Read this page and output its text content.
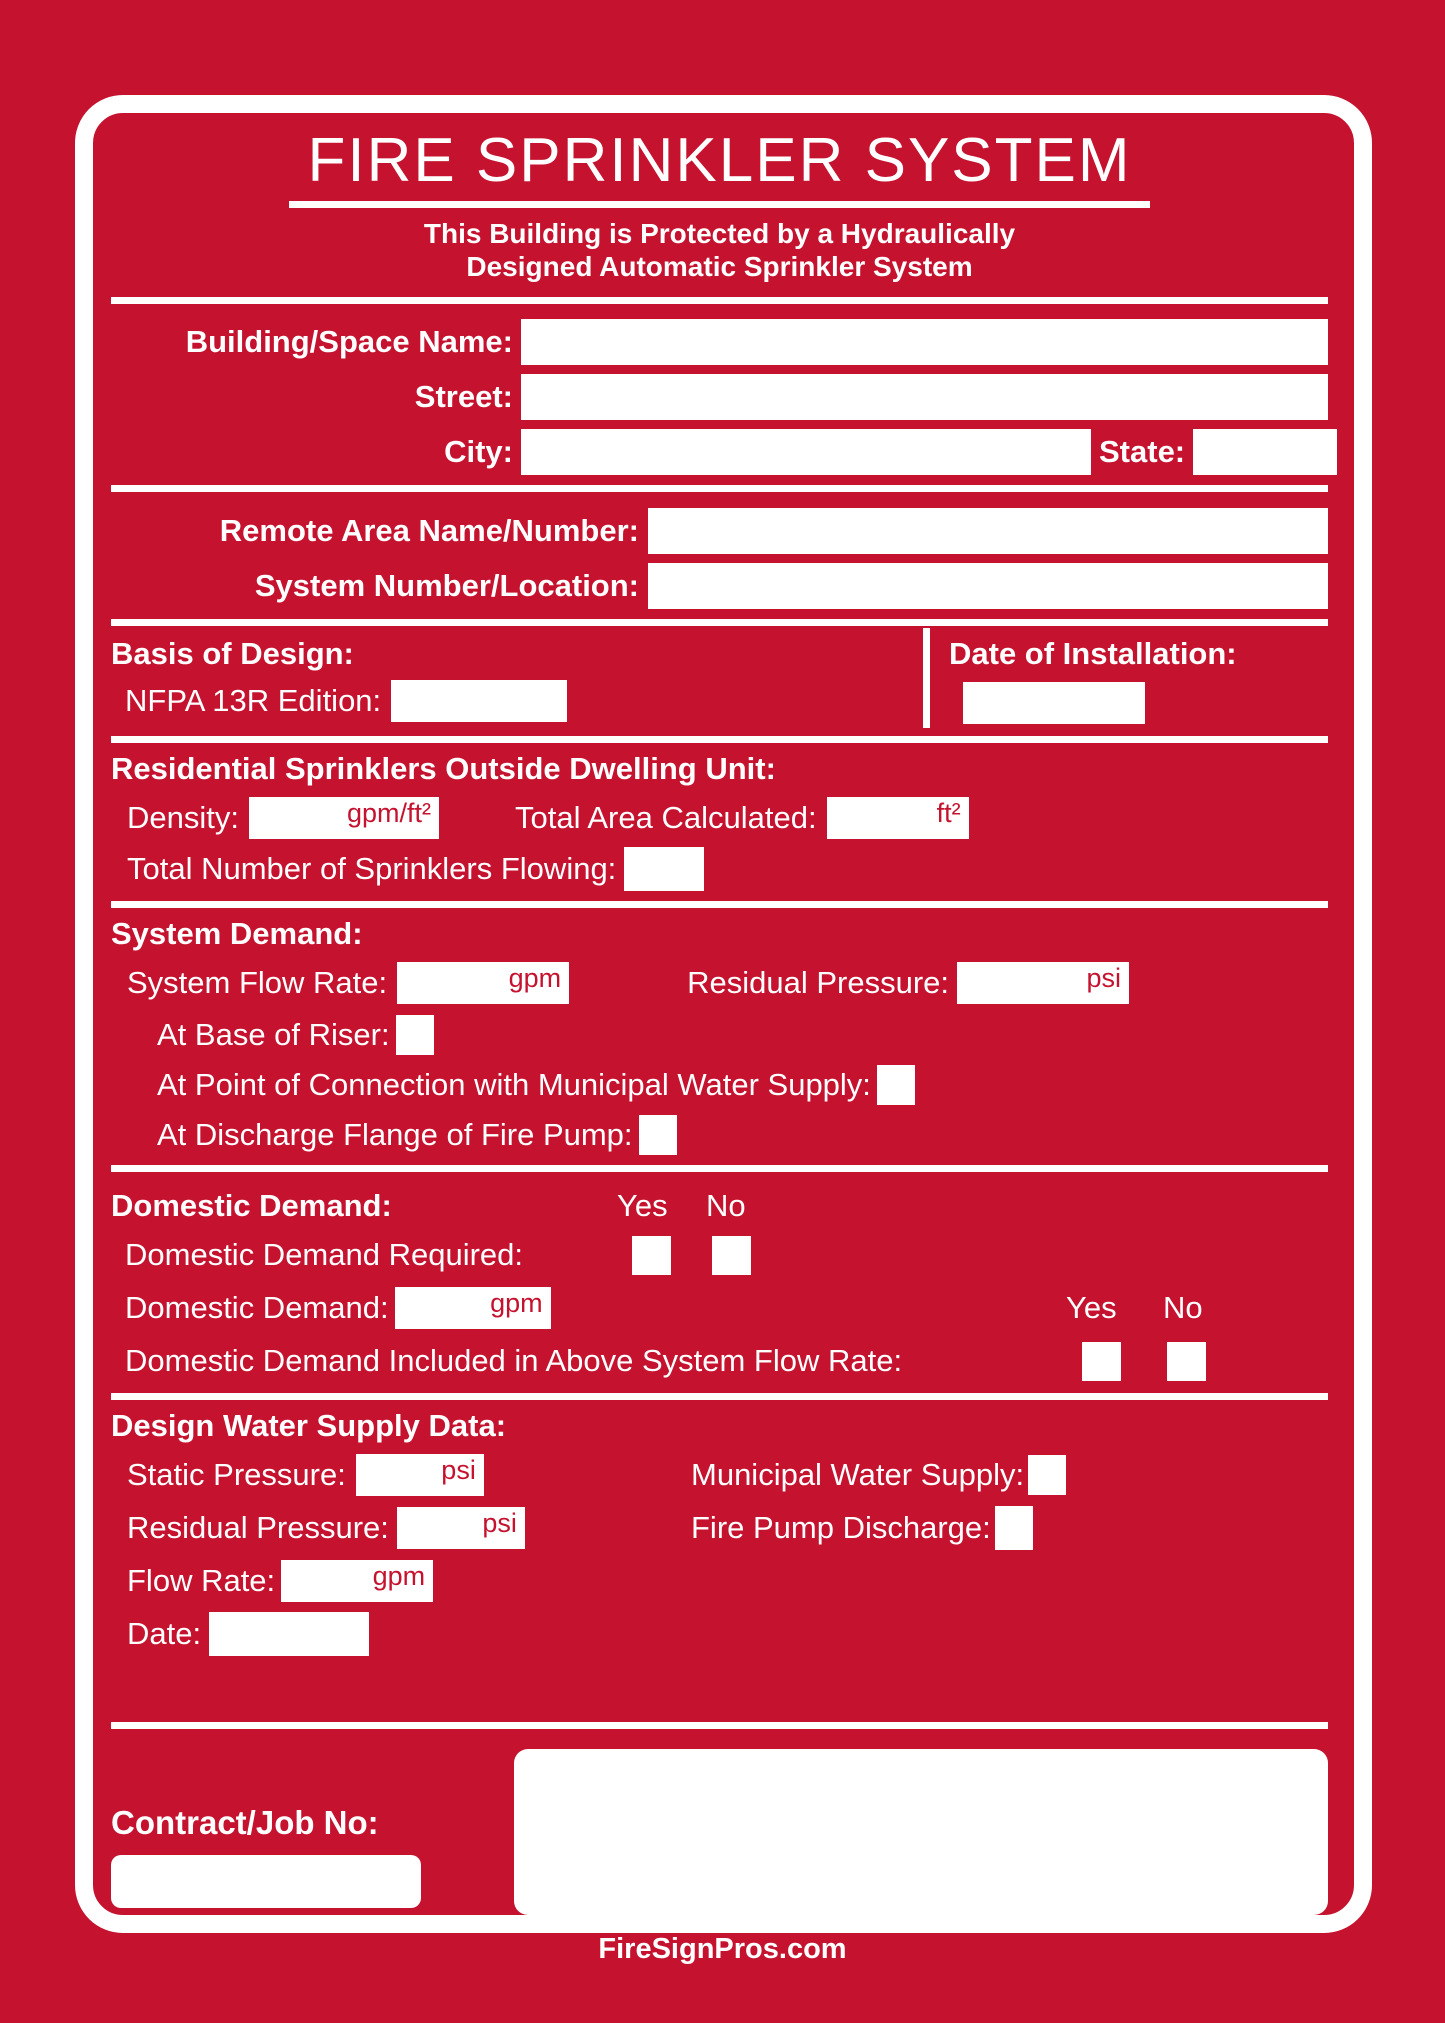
FIRE SPRINKLER SYSTEM
This Building is Protected by a Hydraulically
Designed Automatic Sprinkler System
Building/Space Name:
Street:
City:	State:
Remote Area Name/Number:
System Number/Location:
Basis of Design:
NFPA 13R Edition:
Date of Installation:
Residential Sprinklers Outside Dwelling Unit:
Density:	gpm/ft²	Total Area Calculated:	ft²
Total Number of Sprinklers Flowing:
System Demand:
System Flow Rate:	gpm	Residual Pressure:	psi
At Base of Riser:
At Point of Connection with Municipal Water Supply:
At Discharge Flange of Fire Pump:
Domestic Demand:	Yes No
Domestic Demand Required:
Domestic Demand:	gpm	Yes No
Domestic Demand Included in Above System Flow Rate:
Design Water Supply Data:
Static Pressure:	psi	Municipal Water Supply:
Residual Pressure:	psi	Fire Pump Discharge:
Flow Rate:	gpm
Date:
Contract/Job No:
FireSignPros.com
